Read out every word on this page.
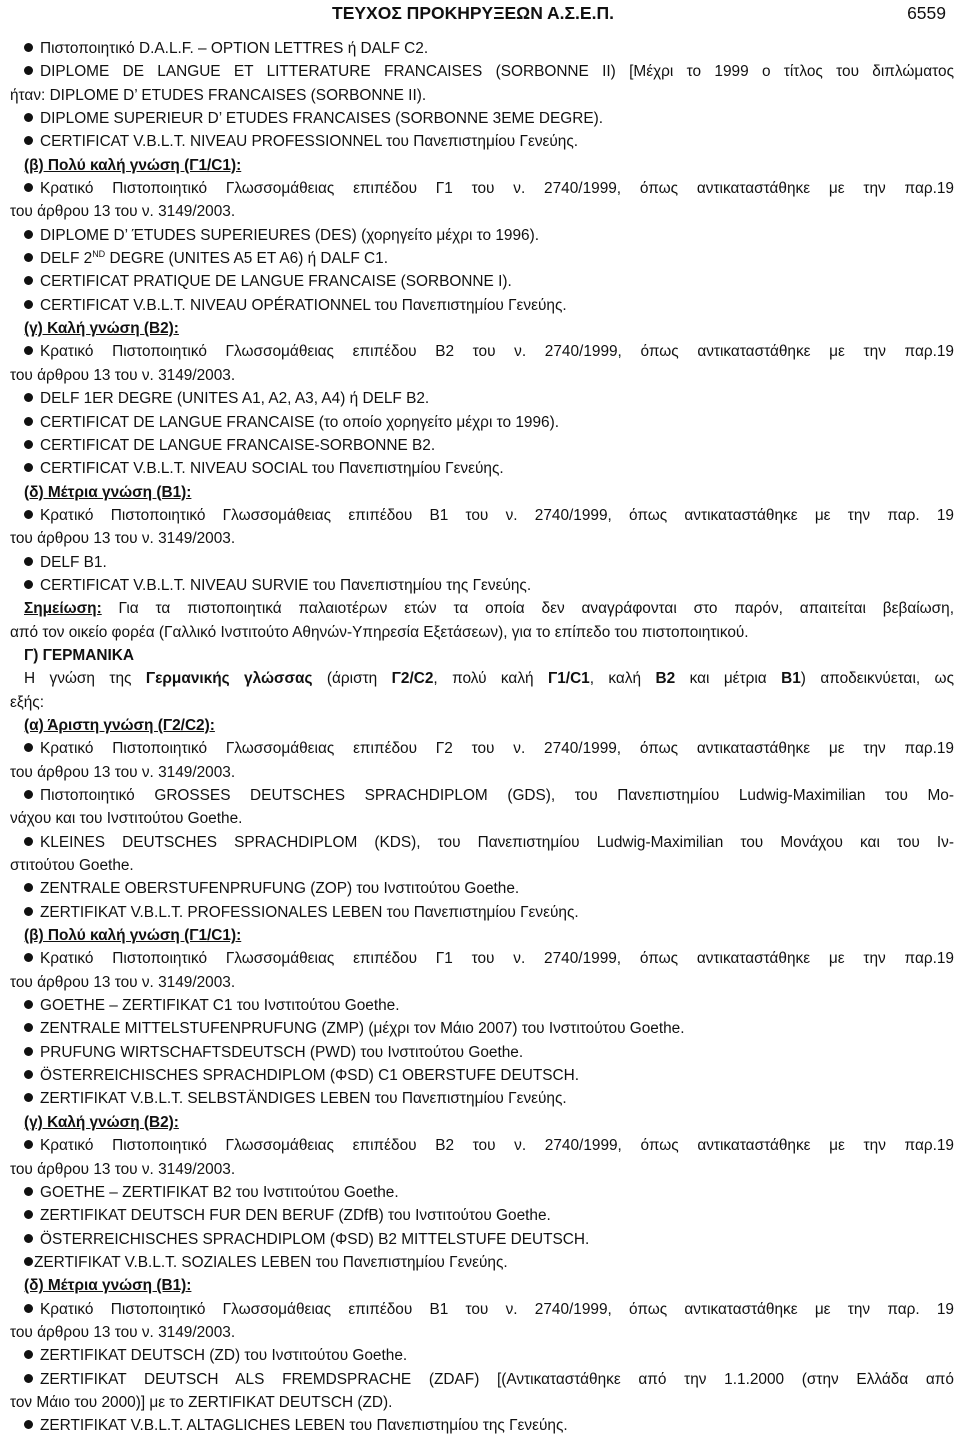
ΤΕΥΧΟΣ ΠΡΟΚΗΡΥΞΕΩΝ Α.Σ.Ε.Π.	6559
Πιστοποιητικό D.A.L.F. – OPTION LETTRES ή DALF C2.
DIPLOME DE LANGUE ET LITTERATURE FRANCAISES (SORBONNE II) [Μέχρι το 1999 ο τίτλος του διπλώματος
ήταν: DIPLOME D’ ETUDES FRANCAISES (SORBONNE II).
DIPLOME SUPERIEUR D’ ETUDES FRANCAISES (SORBONNE 3EME DEGRE).
CERTIFICAT V.B.L.T. NIVEAU PROFESSIONNEL του Πανεπιστημίου Γενεύης.
(β) Πολύ καλή γνώση (Γ1/C1):
Κρατικό Πιστοποιητικό Γλωσσομάθειας επιπέδου Γ1 του ν. 2740/1999, όπως αντικαταστάθηκε με την παρ.19
του άρθρου 13 του ν. 3149/2003.
DIPLOME D’ ΈTUDES SUPERIEURES (DES) (χορηγείτο μέχρι το 1996).
DELF 2ND DEGRE (UNITES A5 ET A6) ή DALF C1.
CERTIFICAT PRATIQUE DE LANGUE FRANCAISE (SORBONNE I).
CERTIFICAT V.B.L.T. NIVEAU OPÉRATIONNEL του Πανεπιστημίου Γενεύης.
(γ) Καλή γνώση (Β2):
Κρατικό Πιστοποιητικό Γλωσσομάθειας επιπέδου Β2 του ν. 2740/1999, όπως αντικαταστάθηκε με την παρ.19
του άρθρου 13 του ν. 3149/2003.
DELF 1ER DEGRE (UNITES A1, A2, A3, A4) ή DELF B2.
CERTIFICAT DE LANGUE FRANCAISE (το οποίο χορηγείτο μέχρι το 1996).
CERTIFICAT DE LANGUE FRANCAISE-SORBONNE B2.
CERTIFICAT V.B.L.T. NIVEAU SOCIAL του Πανεπιστημίου Γενεύης.
(δ) Μέτρια γνώση (Β1):
Κρατικό Πιστοποιητικό Γλωσσομάθειας επιπέδου Β1 του ν. 2740/1999, όπως αντικαταστάθηκε με την παρ. 19
του άρθρου 13 του ν. 3149/2003.
DELF B1.
CERTIFICAT V.B.L.T. NIVEAU SURVIE του Πανεπιστημίου της Γενεύης.
Σημείωση: Για τα πιστοποιητικά παλαιοτέρων ετών τα οποία δεν αναγράφονται στο παρόν, απαιτείται βεβαίωση,
από τον οικείο φορέα (Γαλλικό Ινστιτούτο Αθηνών-Υπηρεσία Εξετάσεων), για το επίπεδο του πιστοποιητικού.
Γ) ΓΕΡΜΑΝΙΚΑ
Η γνώση της Γερμανικής γλώσσας (άριστη Γ2/C2, πολύ καλή Γ1/C1, καλή Β2 και μέτρια Β1) αποδεικνύεται, ως
εξής:
(α) Άριστη γνώση (Γ2/C2):
Κρατικό Πιστοποιητικό Γλωσσομάθειας επιπέδου Γ2 του ν. 2740/1999, όπως αντικαταστάθηκε με την παρ.19
του άρθρου 13 του ν. 3149/2003.
Πιστοποιητικό GROSSES DEUTSCHES SPRACHDIPLOM (GDS), του Πανεπιστημίου Ludwig-Maximilian του Μο-
νάχου και του Ινστιτούτου Goethe.
KLEINES DEUTSCHES SPRACHDIPLOM (KDS), του Πανεπιστημίου Ludwig-Maximilian του Μονάχου και του Ιν-
στιτούτου Goethe.
ZENTRALE OBERSTUFENPRUFUNG (ZOP) του Ινστιτούτου Goethe.
ZERTIFIKAT V.B.L.T. PROFESSIONALES LEBEN του Πανεπιστημίου Γενεύης.
(β) Πολύ καλή γνώση (Γ1/C1):
Κρατικό Πιστοποιητικό Γλωσσομάθειας επιπέδου Γ1 του ν. 2740/1999, όπως αντικαταστάθηκε με την παρ.19
του άρθρου 13 του ν. 3149/2003.
GOETHE – ZERTIFIKAT C1 του Ινστιτούτου Goethe.
ZENTRALE MITTELSTUFENPRUFUNG (ZMP) (μέχρι τον Μάιο 2007) του Ινστιτούτου Goethe.
PRUFUNG WIRTSCHAFTSDEUTSCH (PWD) του Ινστιτούτου Goethe.
ÖSTERREICHISCHES SPRACHDIPLOM (ΦSD) C1 OBERSTUFE DEUTSCH.
ZERTIFIKAT V.B.L.T. SELBSTÄNDIGES LEBEN του Πανεπιστημίου Γενεύης.
(γ) Καλή γνώση (Β2):
Κρατικό Πιστοποιητικό Γλωσσομάθειας επιπέδου Β2 του ν. 2740/1999, όπως αντικαταστάθηκε με την παρ.19
του άρθρου 13 του ν. 3149/2003.
GOETHE – ZERTIFIKAT B2 του Ινστιτούτου Goethe.
ZERTIFIKAT DEUTSCH FUR DEN BERUF (ZDfB) του Ινστιτούτου Goethe.
ÖSTERREICHISCHES SPRACHDIPLOM (ΦSD) B2 MITTELSTUFE DEUTSCH.
ZERTIFIKAT V.B.L.T. SOZIALES LEBEN του Πανεπιστημίου Γενεύης.
(δ) Μέτρια γνώση (Β1):
Κρατικό Πιστοποιητικό Γλωσσομάθειας επιπέδου Β1 του ν. 2740/1999, όπως αντικαταστάθηκε με την παρ. 19
του άρθρου 13 του ν. 3149/2003.
ZERTIFIKAT DEUTSCH (ZD) του Ινστιτούτου Goethe.
ZERTIFIKAT DEUTSCH ALS FREMDSPRACHE (ZDAF) [(Αντικαταστάθηκε από την 1.1.2000 (στην Ελλάδα από
τον Μάιο του 2000)] με το ZERTIFIKAT DEUTSCH (ZD).
ZERTIFIKAT V.B.L.T. ALTAGLICHES LEBEN του Πανεπιστημίου της Γενεύης.
